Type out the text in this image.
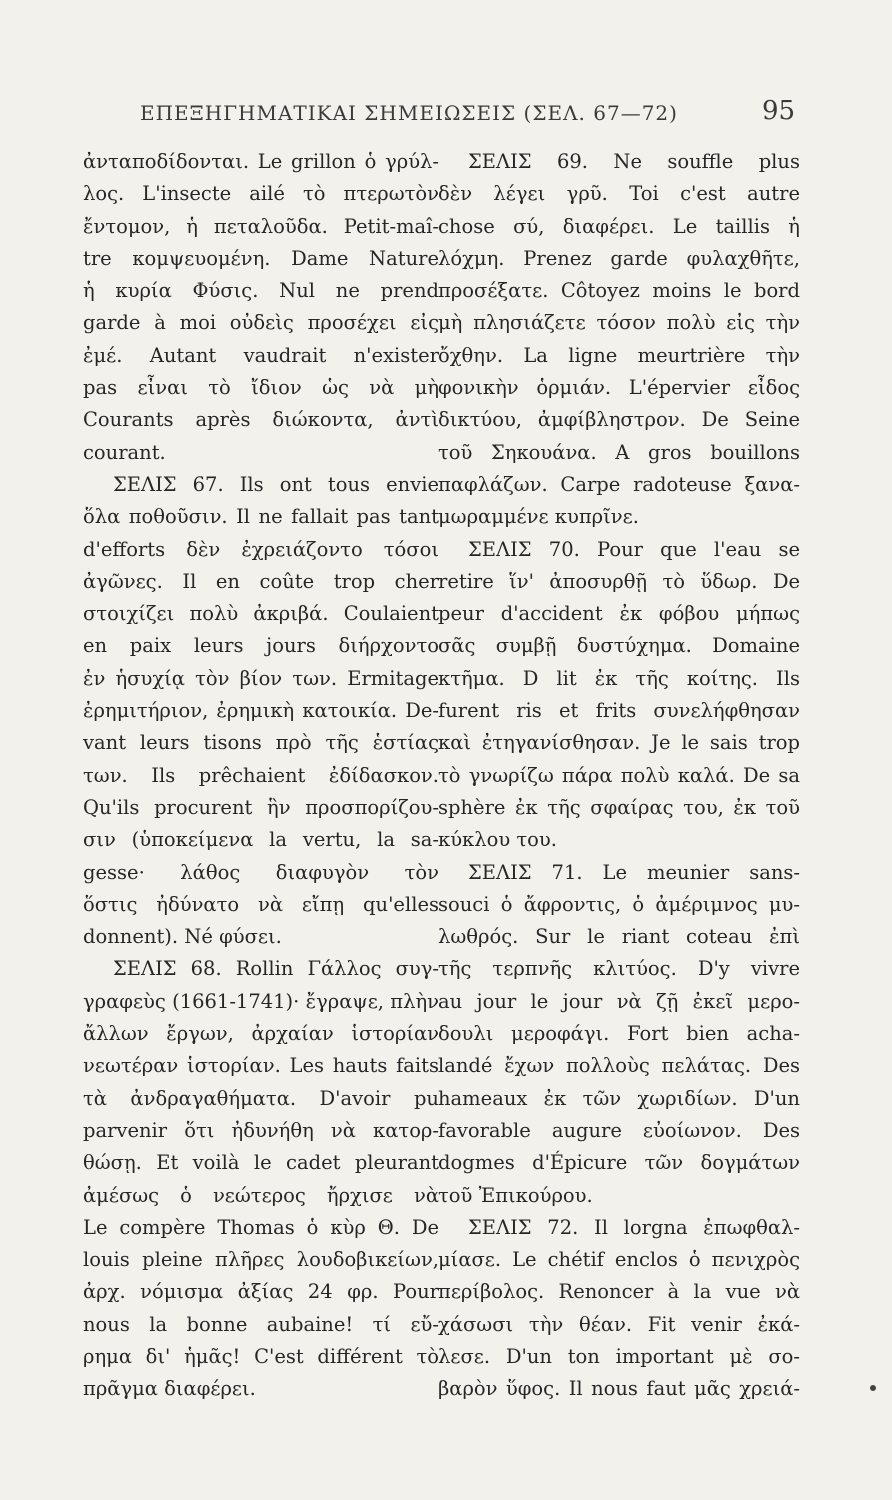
ΕΠΕΞΗΓΗΜΑΤΙΚΑΙ ΣΗΜΕΙΩΣΕΙΣ (ΣΕΛ. 67—72)	95
ἀνταποδίδονται. Le grillon ὁ γρύλ-
λος. L'insecte ailé τὸ πτερωτὸν
ἔντομον, ἡ πεταλοῦδα. Petit-maî-
tre κομψευομένη. Dame Nature
ἡ κυρία Φύσις. Nul ne prend
garde à moi οὐδεὶς προσέχει εἰς
ἐμέ. Autant vaudrait n'exister
pas εἶναι τὸ ἴδιον ὡς νὰ μὴ
Courants après διώκοντα, ἀντὶ
courant.
ΣΕΛΙΣ 67. Ils ont tous envie
ὅλα ποθοῦσιν. Il ne fallait pas tant
d'efforts δὲν ἐχρειάζοντο τόσοι
ἀγῶνες. Il en coûte trop cher
στοιχίζει πολὺ ἀκριβά. Coulaient
en paix leurs jours διήρχοντο
ἐν ἡσυχίᾳ τὸν βίον των. Ermitage
ἐρημιτήριον, ἐρημικὴ κατοικία. De-
vant leurs tisons πρὸ τῆς ἑστίας
των. Ils prêchaient ἐδίδασκον.
Qu'ils procurent ἣν προσπορίζου-
σιν (ὑποκείμενα la vertu, la sa-
gesse· λάθος διαφυγὸν τὸν
ὅστις ἠδύνατο νὰ εἴπῃ qu'elles
donnent). Né φύσει.
ΣΕΛΙΣ 68. Rollin Γάλλος συγ-
γραφεὺς (1661-1741)· ἔγραψε, πλὴν
ἄλλων ἔργων, ἀρχαίαν ἱστορίαν
νεωτέραν ἱστορίαν. Les hauts faits
τὰ ἀνδραγαθήματα. D'avoir pu
parvenir ὅτι ἠδυνήθη νὰ κατορ-
θώσῃ. Et voilà le cadet pleurant
ἀμέσως ὁ νεώτερος ἤρχισε νὰ
Le compère Thomas ὁ κὺρ Θ. De
louis pleine πλῆρες λουδοβικείων,
ἀρχ. νόμισμα ἀξίας 24 φρ. Pour
nous la bonne aubaine! τί εὔ-
ρημα δι' ἡμᾶς! C'est différent τὸ
πρᾶγμα διαφέρει.
ΣΕΛΙΣ 69. Ne souffle plus
δὲν λέγει γρῦ. Toi c'est autre
chose σύ, διαφέρει. Le taillis ἡ
λόχμη. Prenez garde φυλαχθῆτε,
προσέξατε. Côtoyez moins le bord
μὴ πλησιάζετε τόσον πολὺ εἰς τὴν
ὄχθην. La ligne meurtrière τὴν
φονικὴν ὁρμιάν. L'épervier εἶδος
δικτύου, ἀμφίβληστρον. De Seine
τοῦ Σηκουάνα. A gros bouillons
παφλάζων. Carpe radoteuse ξανα-
μωραμμένε κυπρῖνε.
ΣΕΛΙΣ 70. Pour que l'eau se
retire ἵν' ἀποσυρθῇ τὸ ὕδωρ. De
peur d'accident ἐκ φόβου μήπως
σᾶς συμβῇ δυστύχημα. Domaine
κτῆμα. D lit ἐκ τῆς κοίτης. Ils
furent ris et frits συνελήφθησαν
καὶ ἐτηγανίσθησαν. Je le sais trop
τὸ γνωρίζω πάρα πολὺ καλά. De sa
sphère ἐκ τῆς σφαίρας του, ἐκ τοῦ
κύκλου του.
ΣΕΛΙΣ 71. Le meunier sans-
souci ὁ ἄφροντις, ὁ ἀμέριμνος μυ-
λωθρός. Sur le riant coteau ἐπὶ
τῆς τερπνῆς κλιτύος. D'y vivre
au jour le jour νὰ ζῇ ἐκεῖ μερο-
δουλι μεροφάγι. Fort bien acha-
landé ἔχων πολλοὺς πελάτας. Des
hameaux ἐκ τῶν χωριδίων. D'un
favorable augure εὐοίωνον. Des
dogmes d'Épicure τῶν δογμάτων
τοῦ Ἐπικούρου.
ΣΕΛΙΣ 72. Il lorgna ἐπωφθαλ-
μίασε. Le chétif enclos ὁ πενιχρὸς
περίβολος. Renoncer à la vue νὰ
χάσωσι τὴν θέαν. Fit venir ἐκά-
λεσε. D'un ton important μὲ σο-
βαρὸν ὕφος. Il nous faut μᾶς χρειά-
